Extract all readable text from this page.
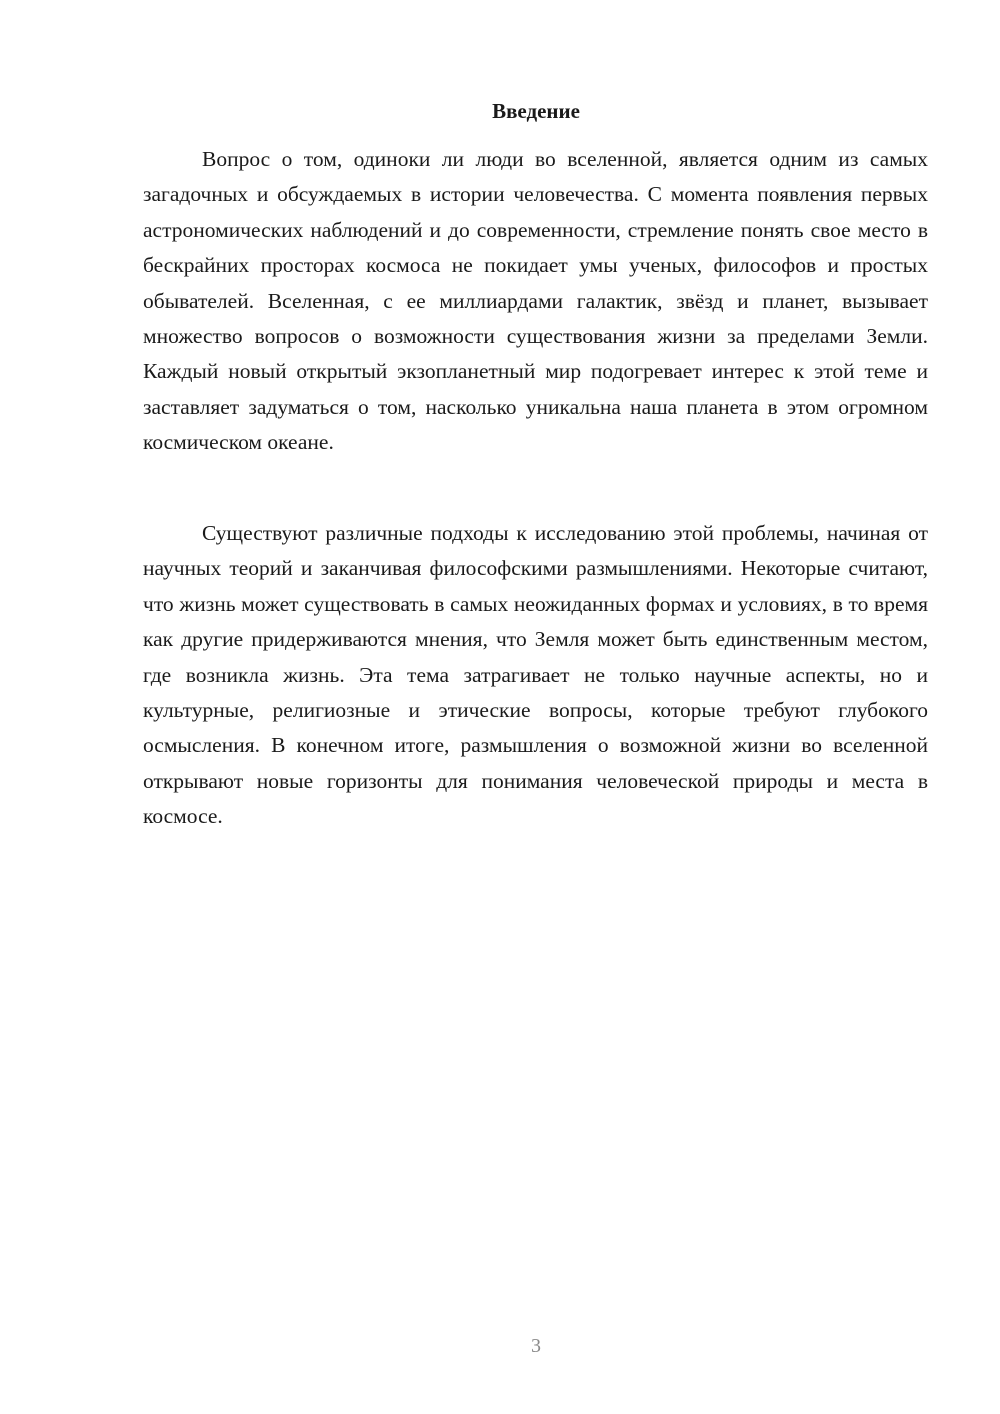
Введение

Вопрос о том, одиноки ли люди во вселенной, является одним из самых загадочных и обсуждаемых в истории человечества. С момента появления первых астрономических наблюдений и до современности, стремление понять свое место в бескрайних просторах космоса не покидает умы ученых, философов и простых обывателей. Вселенная, с ее миллиардами галактик, звёзд и планет, вызывает множество вопросов о возможности существования жизни за пределами Земли. Каждый новый открытый экзопланетный мир подогревает интерес к этой теме и заставляет задуматься о том, насколько уникальна наша планета в этом огромном космическом океане.

Существуют различные подходы к исследованию этой проблемы, начиная от научных теорий и заканчивая философскими размышлениями. Некоторые считают, что жизнь может существовать в самых неожиданных формах и условиях, в то время как другие придерживаются мнения, что Земля может быть единственным местом, где возникла жизнь. Эта тема затрагивает не только научные аспекты, но и культурные, религиозные и этические вопросы, которые требуют глубокого осмысления. В конечном итоге, размышления о возможной жизни во вселенной открывают новые горизонты для понимания человеческой природы и места в космосе.

3
